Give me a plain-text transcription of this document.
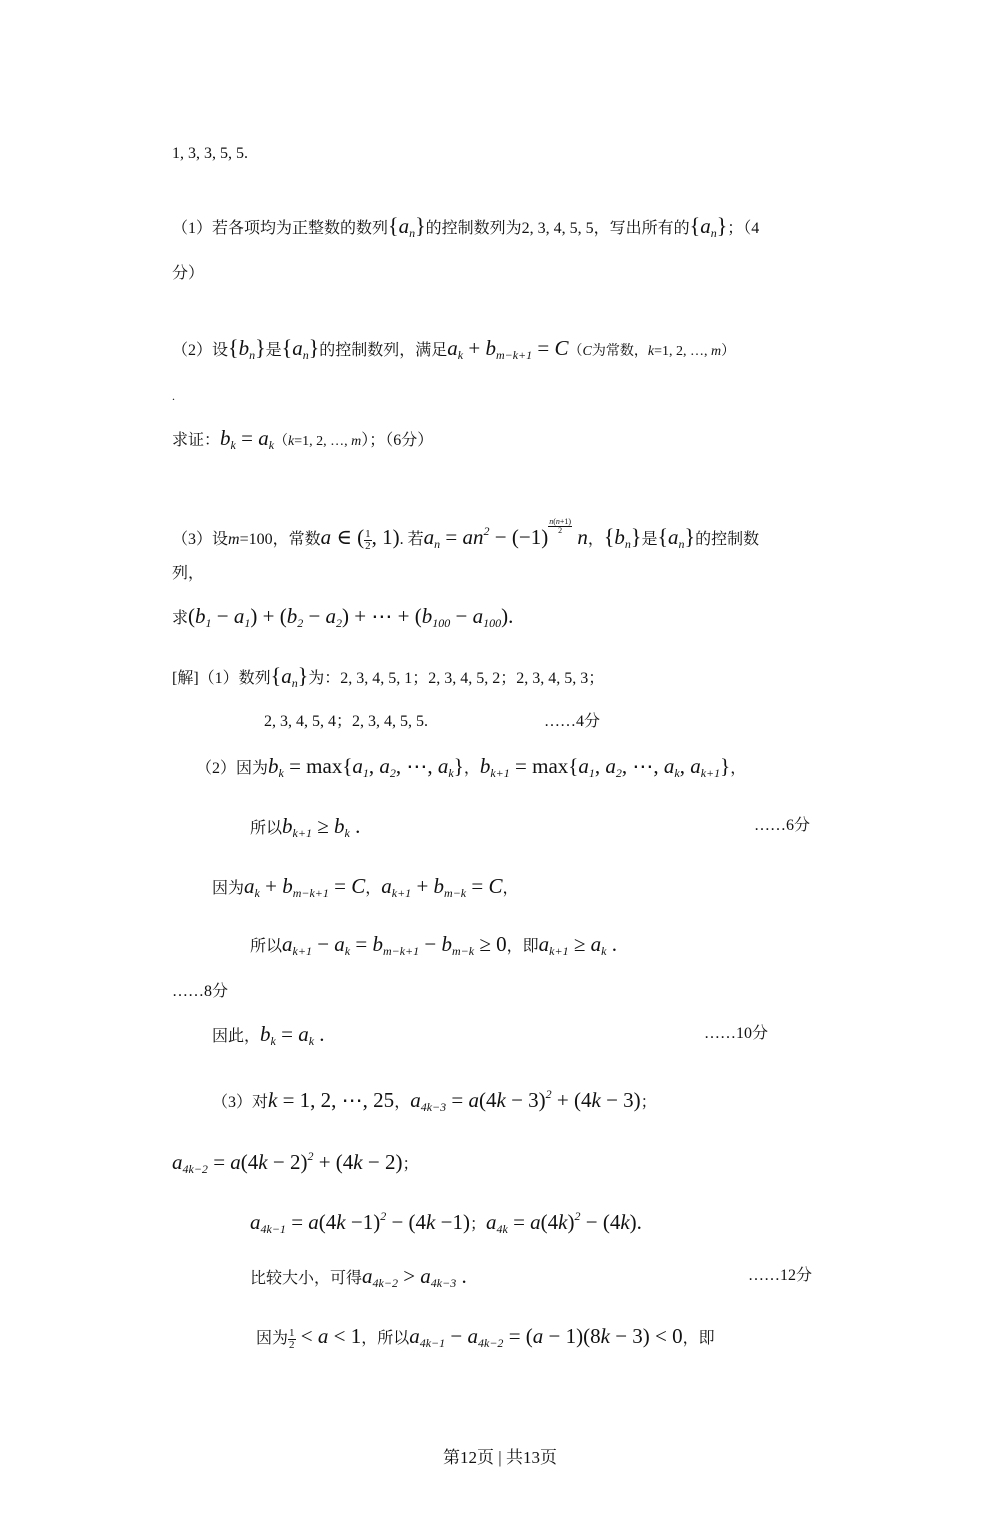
1, 3, 3, 5, 5.
（1）若各项均为正整数的数列$\{a_n\}$的控制数列为2, 3, 4, 5, 5，写出所有的$\{a_n\}$；（4
分）
（2）设$\{b_n\}$是$\{a_n\}$的控制数列，满足$a_k + b_{m-k+1} = C(C$为常数，k=1, 2, …, m）
.
求证：$b_k = a_k(k=1$, 2, …, m）；（6分）
（3）设m=100，常数a ∈ ( $\frac{1}{2}$ , 1). 若$a_n = an^2 - (-1)$ $^{\frac{n(n+1)}{2}}$ n，$\{b_n\}$是$\{a_n\}$的控制数
列，
求$(b_1 - a_1) + (b_2 - a_2)$ + ⋯ + $(b_{100} - a_{100})$.
[解]（1）数列$\{a_n\}$为：2, 3, 4, 5, 1；2, 3, 4, 5, 2；2, 3, 4, 5, 3；
2, 3, 4, 5, 4；2, 3, 4, 5, 5.	……4分
（2）因为$b_k = \max\{a_1$, $a_2$, ⋯, $a_k$}，$b_{k+1} = \max\{a_1$, $a_2$, ⋯, $a_k$, $a_{k+1}$}，
所以$b_{k+1} \ge b_k$ .	……6分
因为$a_k + b_{m-k+1} = C$，$a_{k+1} + b_{m-k} = C$，
所以$a_{k+1} - a_k = b_{m-k+1} - b_{m-k} \ge 0$，即$a_{k+1} \ge a_k$ .
……8分
因此，$b_k = a_k$ .	……10分
（3）对k = 1, 2, ⋯, 25，$a_{4k-3} = a(4k - 3)^2 + (4k - 3)$；
$a_{4k-2} = a(4k - 2)^2 + (4k - 2)$；
$a_{4k-1} = a(4k -1)^2 - (4k -1)$；$a_{4k} = a(4k)^2 - (4k)$.
比较大小，可得$a_{4k-2} > a_{4k-3}$ .	……12分
因为 $\frac{1}{2} < a < 1$，所以$a_{4k-1} - a_{4k-2} = (a - 1)(8k - 3) < 0$，即
第12页 | 共13页
